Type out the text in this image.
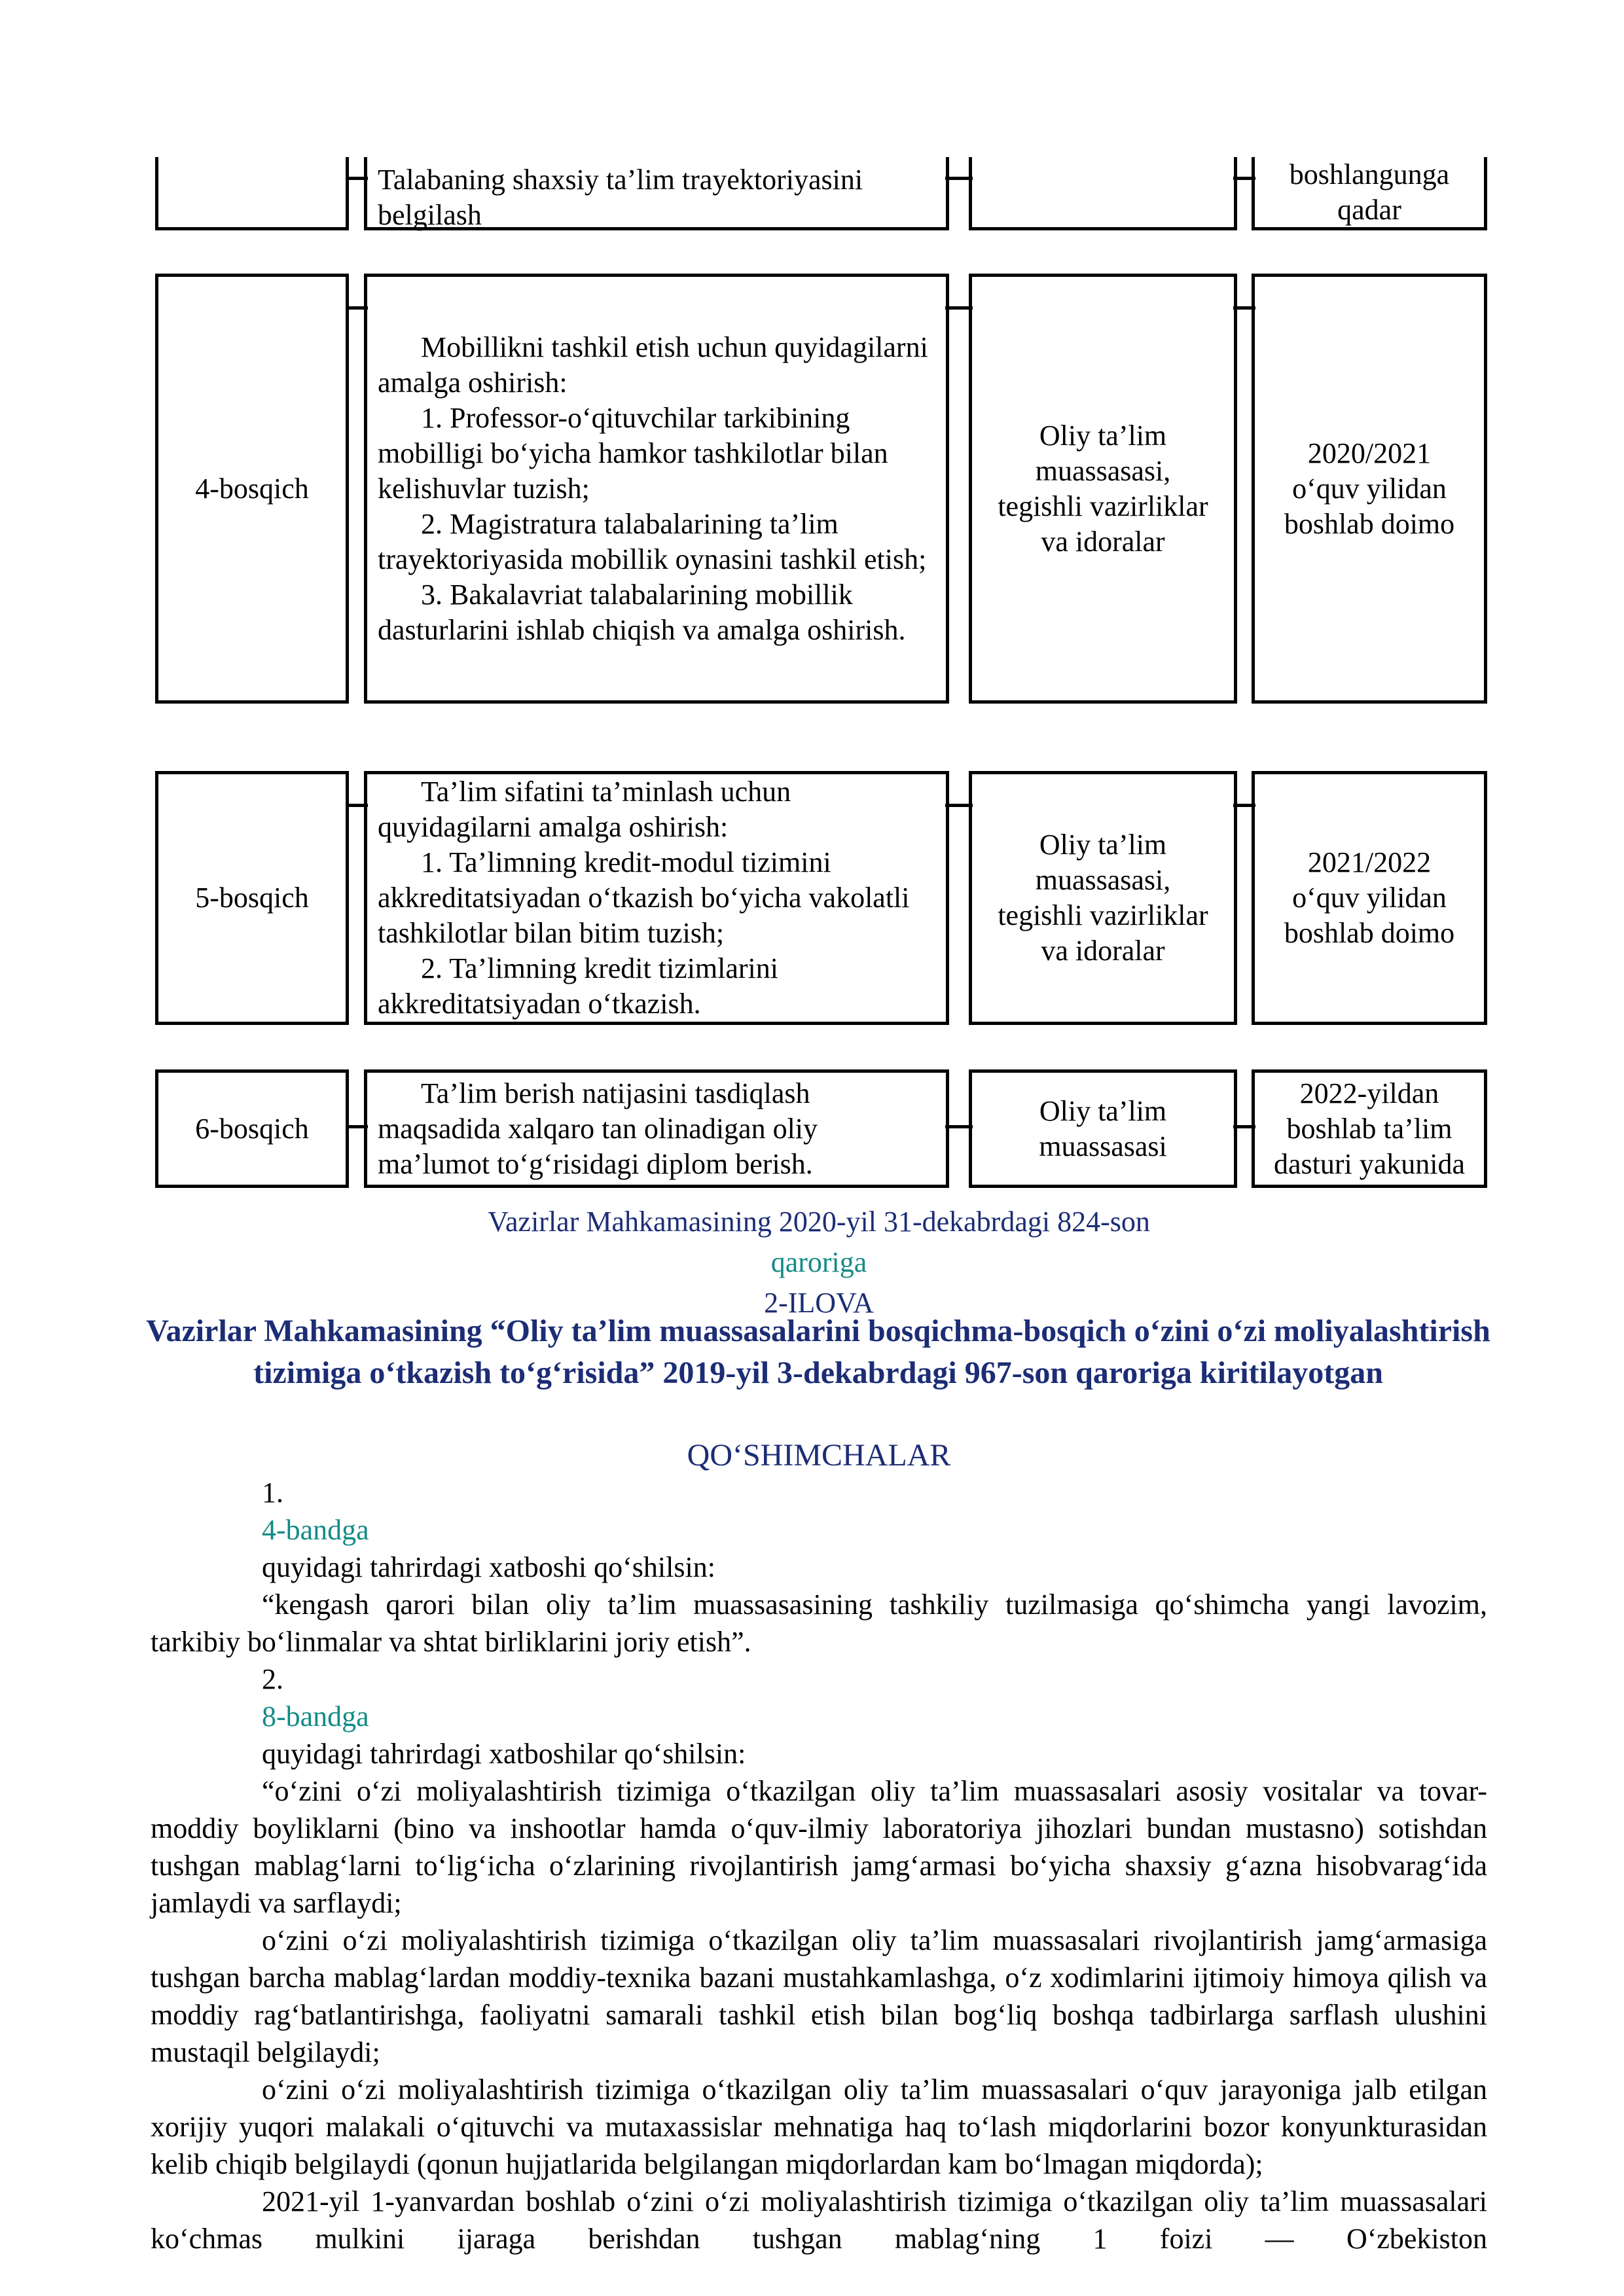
Talabaning shaxsiy ta’lim trayektoriyasini belgilash
boshlangunga
qadar
4-bosqich
Mobillikni tashkil etish uchun quyidagilarni amalga oshirish:
1. Professor-oʻqituvchilar tarkibining mobilligi boʻyicha hamkor tashkilotlar bilan kelishuvlar tuzish;
2. Magistratura talabalarining ta’lim trayektoriyasida mobillik oynasini tashkil etish;
3. Bakalavriat talabalarining mobillik dasturlarini ishlab chiqish va amalga oshirish.
Oliy ta’lim
muassasasi,
tegishli vazirliklar
va idoralar
2020/2021
oʻquv yilidan
boshlab doimo
5-bosqich
Ta’lim sifatini ta’minlash uchun quyidagilarni amalga oshirish:
1. Ta’limning kredit-modul tizimini akkreditatsiyadan oʻtkazish boʻyicha vakolatli tashkilotlar bilan bitim tuzish;
2. Ta’limning kredit tizimlarini akkreditatsiyadan oʻtkazish.
Oliy ta’lim
muassasasi,
tegishli vazirliklar
va idoralar
2021/2022
oʻquv yilidan
boshlab doimo
6-bosqich
Ta’lim berish natijasini tasdiqlash maqsadida xalqaro tan olinadigan oliy ma’lumot toʻgʻrisidagi diplom berish.
Oliy ta’lim
muassasasi
2022-yildan
boshlab ta’lim
dasturi yakunida
Vazirlar Mahkamasining 2020-yil 31-dekabrdagi 824-son
qaroriga
2-ILOVA
Vazirlar Mahkamasining “Oliy ta’lim muassasalarini bosqichma-bosqich oʻzini oʻzi moliyalashtirish tizimiga oʻtkazish toʻgʻrisida” 2019-yil 3-dekabrdagi 967-son qaroriga kiritilayotgan
QOʻSHIMCHALAR

1.
4-bandga
quyidagi tahrirdagi xatboshi qoʻshilsin:

“kengash qarori bilan oliy ta’lim muassasasining tashkiliy tuzilmasiga qoʻshimcha yangi lavozim, tarkibiy boʻlinmalar va shtat birliklarini joriy etish”.

2.
8-bandga
quyidagi tahrirdagi xatboshilar qoʻshilsin:

“oʻzini oʻzi moliyalashtirish tizimiga oʻtkazilgan oliy ta’lim muassasalari asosiy vositalar va tovar-moddiy boyliklarni (bino va inshootlar hamda oʻquv-ilmiy laboratoriya jihozlari bundan mustasno) sotishdan tushgan mablagʻlarni toʻligʻicha oʻzlarining rivojlantirish jamgʻarmasi boʻyicha shaxsiy gʻazna hisobvaragʻida jamlaydi va sarflaydi;

oʻzini oʻzi moliyalashtirish tizimiga oʻtkazilgan oliy ta’lim muassasalari rivojlantirish jamgʻarmasiga tushgan barcha mablagʻlardan moddiy-texnika bazani mustahkamlashga, oʻz xodimlarini ijtimoiy himoya qilish va moddiy ragʻbatlantirishga, faoliyatni samarali tashkil etish bilan bogʻliq boshqa tadbirlarga sarflash ulushini mustaqil belgilaydi;

oʻzini oʻzi moliyalashtirish tizimiga oʻtkazilgan oliy ta’lim muassasalari oʻquv jarayoniga jalb etilgan xorijiy yuqori malakali oʻqituvchi va mutaxassislar mehnatiga haq toʻlash miqdorlarini bozor konyunkturasidan kelib chiqib belgilaydi (qonun hujjatlarida belgilangan miqdorlardan kam boʻlmagan miqdorda);

2021-yil 1-yanvardan boshlab oʻzini oʻzi moliyalashtirish tizimiga oʻtkazilgan oliy ta’lim muassasalari koʻchmas mulkini ijaraga berishdan tushgan mablagʻning 1 foizi — Oʻzbekiston
